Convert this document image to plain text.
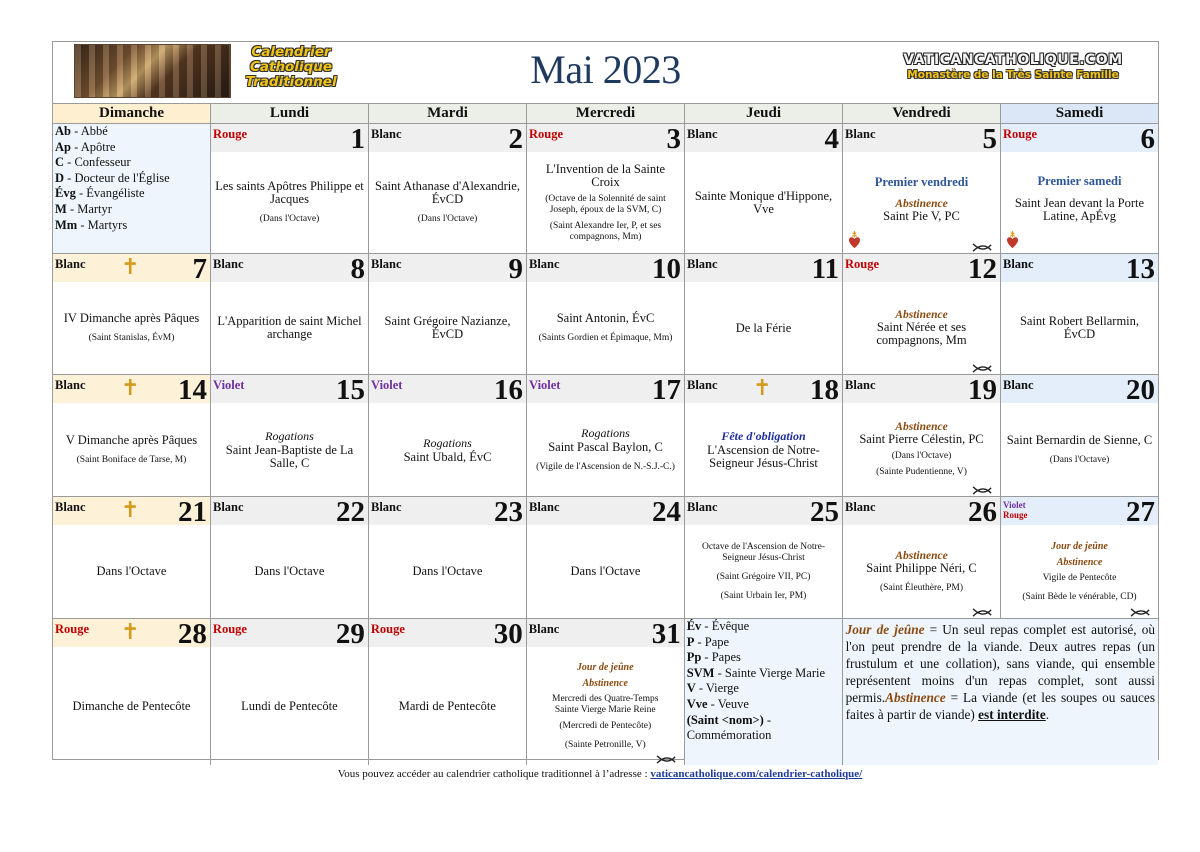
Calendrier
Catholique
Traditionnel	Mai 2023	VATICANCATHOLIQUE.COM
Monastère de la Très Sainte Famille
Dimanche	Lundi	Mardi	Mercredi	Jeudi	Vendredi	Samedi
Ab - Abbé
Ap - Apôtre
C - Confesseur
D - Docteur de l'Église
Évg - Évangéliste
M - Martyr
Mm - Martyrs
Rouge	1
Les saints Apôtres Philippe et Jacques
(Dans l'Octave)
Blanc	2
Saint Athanase d'Alexandrie, ÉvCD
(Dans l'Octave)
Rouge	3
L'Invention de la Sainte Croix
(Octave de la Solennité de saint Joseph, époux de la SVM, C)
(Saint Alexandre Ier, P, et ses compagnons, Mm)
Blanc	4
Sainte Monique d'Hippone, Vve
Blanc	5
Premier vendredi
Abstinence
Saint Pie V, PC
Rouge	6
Premier samedi
Saint Jean devant la Porte Latine, ApÉvg
Blanc ✝ 7
IV Dimanche après Pâques
(Saint Stanislas, ÉvM)
Blanc	8
L'Apparition de saint Michel archange
Blanc	9
Saint Grégoire Nazianze, ÉvCD
Blanc	10
Saint Antonin, ÉvC
(Saints Gordien et Épimaque, Mm)
Blanc	11
De la Férie
Rouge	12
Abstinence
Saint Nérée et ses compagnons, Mm
Blanc	13
Saint Robert Bellarmin, ÉvCD
Blanc ✝ 14
V Dimanche après Pâques
(Saint Boniface de Tarse, M)
Violet	15
Rogations
Saint Jean-Baptiste de La Salle, C
Violet	16
Rogations
Saint Ubald, ÉvC
Violet	17
Rogations
Saint Pascal Baylon, C
(Vigile de l'Ascension de N.-S.J.-C.)
Blanc ✝ 18
Fête d'obligation
L'Ascension de Notre-Seigneur Jésus-Christ
Blanc	19
Abstinence
Saint Pierre Célestin, PC
(Dans l'Octave)
(Sainte Pudentienne, V)
Blanc	20
Saint Bernardin de Sienne, C
(Dans l'Octave)
Blanc ✝ 21
Dans l'Octave
Blanc	22
Dans l'Octave
Blanc	23
Dans l'Octave
Blanc	24
Dans l'Octave
Blanc	25
Octave de l'Ascension de Notre-Seigneur Jésus-Christ
(Saint Grégoire VII, PC)
(Saint Urbain Ier, PM)
Blanc	26
Abstinence
Saint Philippe Néri, C
(Saint Éleuthère, PM)
Violet
Rouge	27
Jour de jeûne
Abstinence
Vigile de Pentecôte
(Saint Bède le vénérable, CD)
Rouge ✝ 28
Dimanche de Pentecôte
Rouge	29
Lundi de Pentecôte
Rouge	30
Mardi de Pentecôte
Blanc	31
Jour de jeûne
Abstinence
Mercredi des Quatre-Temps
Sainte Vierge Marie Reine
(Mercredi de Pentecôte)
(Sainte Petronille, V)
Év - Évêque
P - Pape
Pp - Papes
SVM - Sainte Vierge Marie
V - Vierge
Vve - Veuve
(Saint <nom>) - Commémoration
Jour de jeûne = Un seul repas complet est autorisé, où l'on peut prendre de la viande. Deux autres repas (un frustulum et une collation), sans viande, qui ensemble représentent moins d'un repas complet, sont aussi permis.Abstinence = La viande (et les soupes ou sauces faites à partir de viande) est interdite.
Vous pouvez accéder au calendrier catholique traditionnel à l’adresse : vaticancatholique.com/calendrier-catholique/
